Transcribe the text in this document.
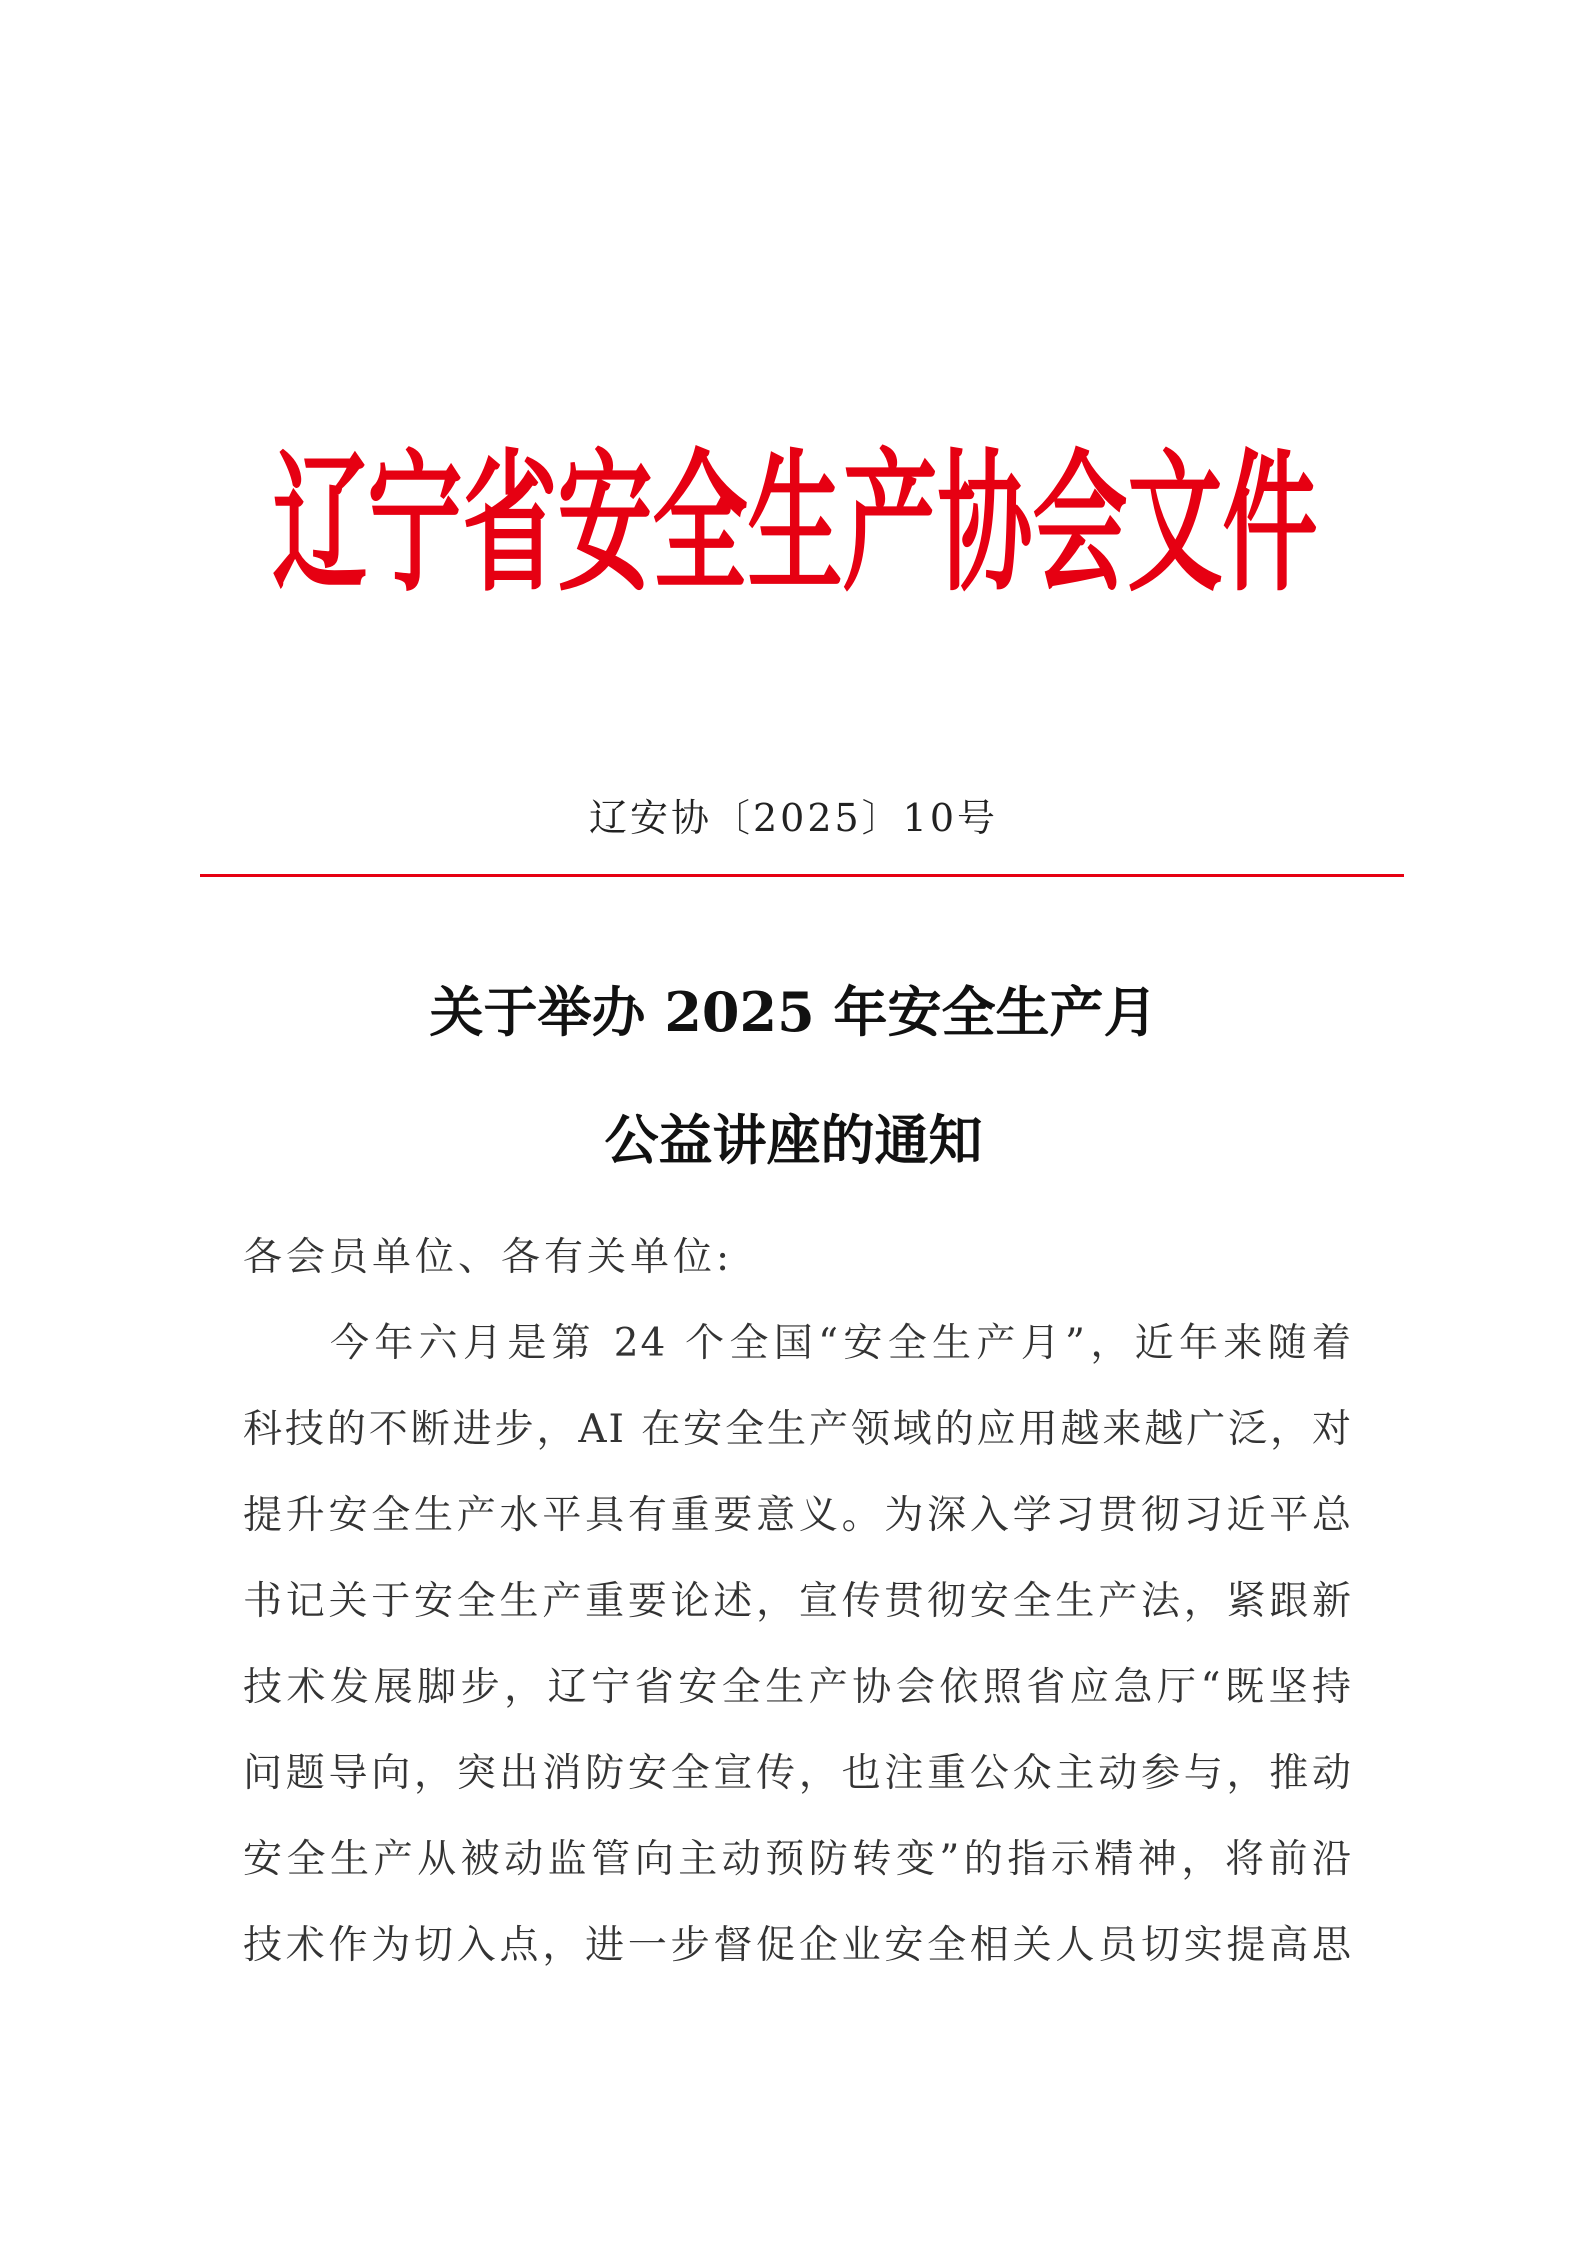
辽宁省安全生产协会文件
辽安协〔2025〕10号
关于举办 2025 年安全生产月
公益讲座的通知
各会员单位、各有关单位:
今年六月是第 24 个全国“安全生产月”，近年来随着
科技的不断进步，AI 在安全生产领域的应用越来越广泛，对
提升安全生产水平具有重要意义。为深入学习贯彻习近平总
书记关于安全生产重要论述，宣传贯彻安全生产法，紧跟新
技术发展脚步，辽宁省安全生产协会依照省应急厅“既坚持
问题导向，突出消防安全宣传，也注重公众主动参与，推动
安全生产从被动监管向主动预防转变”的指示精神，将前沿
技术作为切入点，进一步督促企业安全相关人员切实提高思
